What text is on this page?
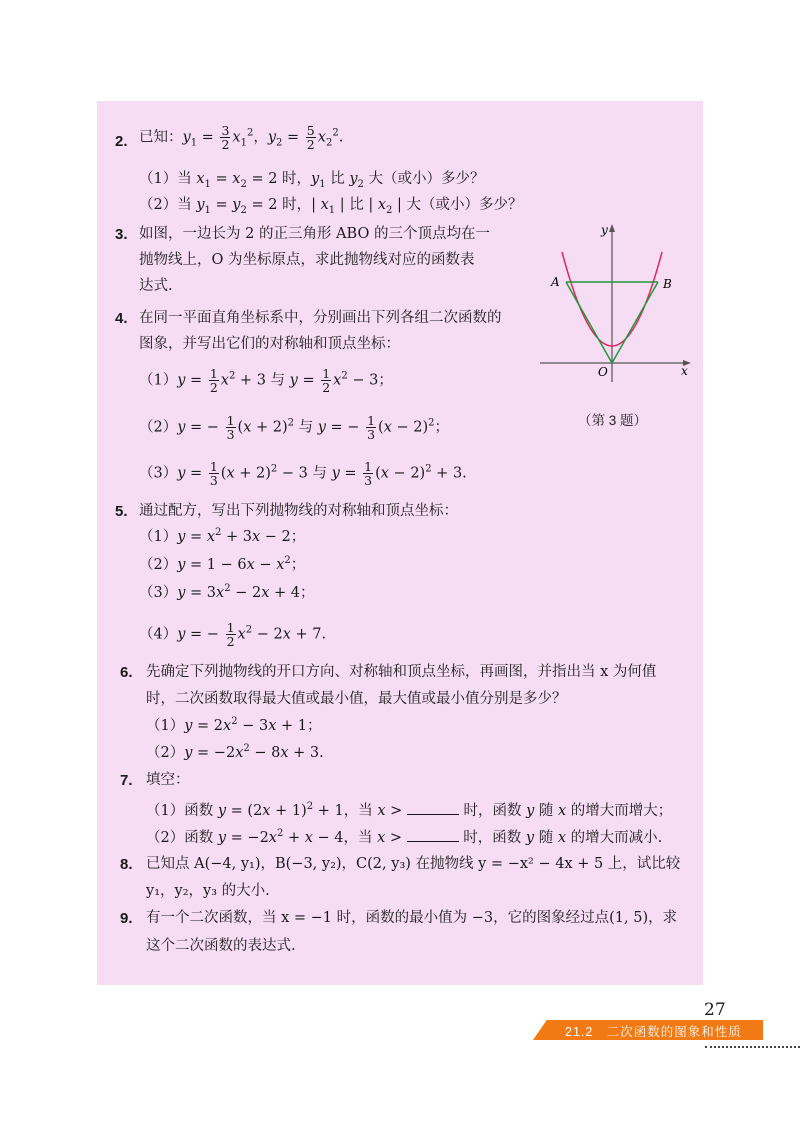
2. 已知：$y_1 = \frac{3}{2} x_1^2$，$y_2 = \frac{5}{2} x_2^2$.
（1）当 $x_1 = x_2 = 2$ 时，$y_1$ 比 $y_2$ 大（或小）多少？
（2）当 $y_1 = y_2 = 2$ 时，| $x_1$ | 比 | $x_2$ | 大（或小）多少？
3. 如图，一边长为 2 的正三角形 ABO 的三个顶点均在一
抛物线上，O 为坐标原点，求此抛物线对应的函数表
达式.
y
x
O
A	B
（第 3 题）
4. 在同一平面直角坐标系中，分别画出下列各组二次函数的
图象，并写出它们的对称轴和顶点坐标：
$(1)y = \frac{1}{2} x^2 + 3$ 与 $y = \frac{1}{2} x^2 - 3$；
（2）y = − $\frac{1}{3} (x + 2)^2$ 与 y = − $\frac{1}{3} (x - 2)^2$；
$(3)y = \frac{1}{3} (x + 2)^2 - 3$ 与 $y = \frac{1}{3} (x - 2)^2 + 3$.
5. 通过配方，写出下列抛物线的对称轴和顶点坐标：
$(1)y = x^2 + 3x - 2$；
$(2)y = 1 - 6x - x^2$；
$(3)y = 3x^2 - 2x + 4$；
（4）y = − $\frac{1}{2} x^2 - 2x + 7$.
6. 先确定下列抛物线的开口方向、对称轴和顶点坐标，再画图，并指出当 x 为何值
时，二次函数取得最大值或最小值，最大值或最小值分别是多少？
$(1)y = 2x^2 - 3x + 1$；
$(2)y = -2x^2 - 8x + 3$.
7. 填空：
（1）函数 $y = (2x + 1)^2 + 1$，当 x >	时，函数 y 随 x 的增大而增大；
（2）函数 $y = -2x^2 + x - 4$，当 x >	时，函数 y 随 x 的增大而减小.
8. 已知点 A(−4, y₁)，B(−3, y₂)，C(2, y₃) 在抛物线 y = −x² − 4x + 5 上，试比较
y₁，y₂，y₃ 的大小.
9. 有一个二次函数，当 x = −1 时，函数的最小值为 −3，它的图象经过点(1, 5)，求
这个二次函数的表达式.
27
21.2 二次函数的图象和性质
